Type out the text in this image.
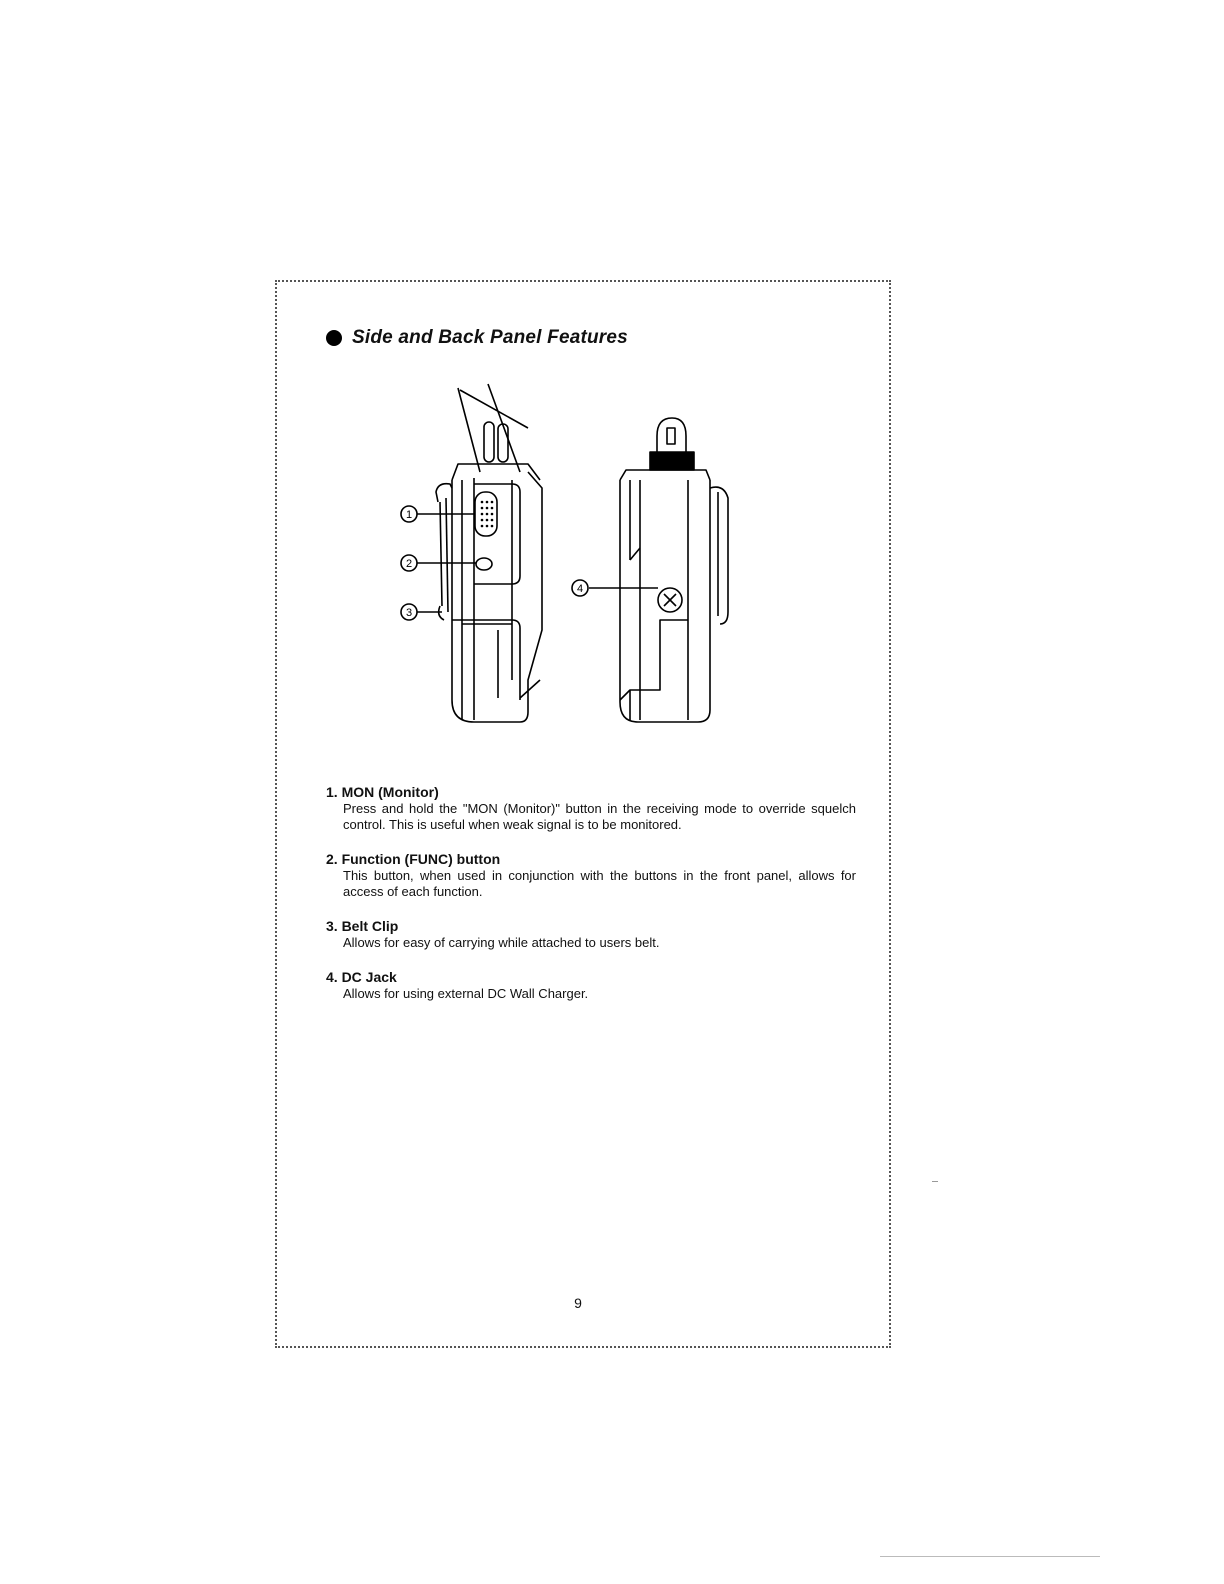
Side and Back Panel Features
1
2
3
4
1. MON (Monitor)
Press and hold the "MON (Monitor)" button in the receiving mode to override squelch control. This is useful when weak signal is to be monitored.
2. Function (FUNC) button
This button, when used in conjunction with the buttons in the front panel, allows for access of each function.
3. Belt Clip
Allows for easy of carrying while attached to users belt.
4. DC Jack
Allows for using external DC Wall Charger.
9
